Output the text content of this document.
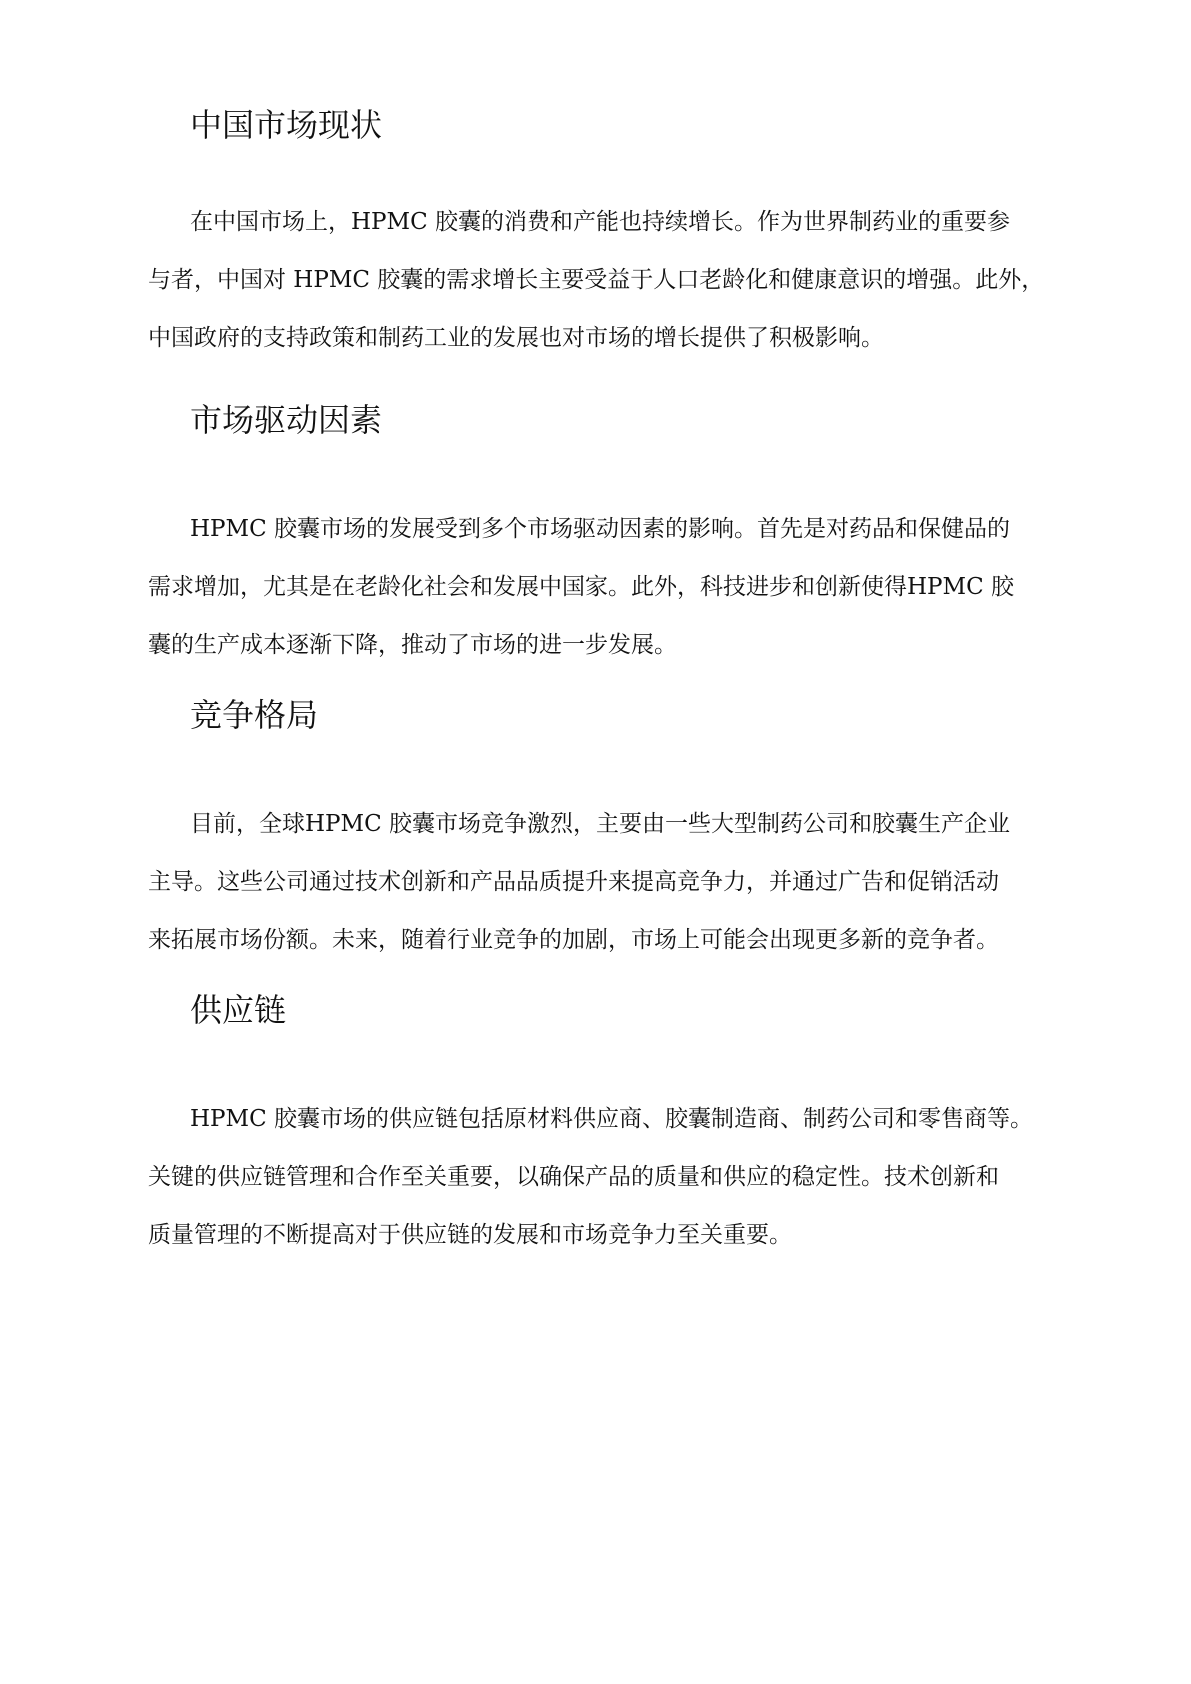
中国市场现状
在中国市场上，HPMC 胶囊的消费和产能也持续增长。作为世界制药业的重要参
与者，中国对 HPMC 胶囊的需求增长主要受益于人口老龄化和健康意识的增强。此外，
中国政府的支持政策和制药工业的发展也对市场的增长提供了积极影响。
市场驱动因素
HPMC 胶囊市场的发展受到多个市场驱动因素的影响。首先是对药品和保健品的
需求增加，尤其是在老龄化社会和发展中国家。此外，科技进步和创新使得HPMC 胶
囊的生产成本逐渐下降，推动了市场的进一步发展。
竞争格局
目前，全球HPMC 胶囊市场竞争激烈，主要由一些大型制药公司和胶囊生产企业
主导。这些公司通过技术创新和产品品质提升来提高竞争力，并通过广告和促销活动
来拓展市场份额。未来，随着行业竞争的加剧，市场上可能会出现更多新的竞争者。
供应链
HPMC 胶囊市场的供应链包括原材料供应商、胶囊制造商、制药公司和零售商等。
关键的供应链管理和合作至关重要，以确保产品的质量和供应的稳定性。技术创新和
质量管理的不断提高对于供应链的发展和市场竞争力至关重要。
